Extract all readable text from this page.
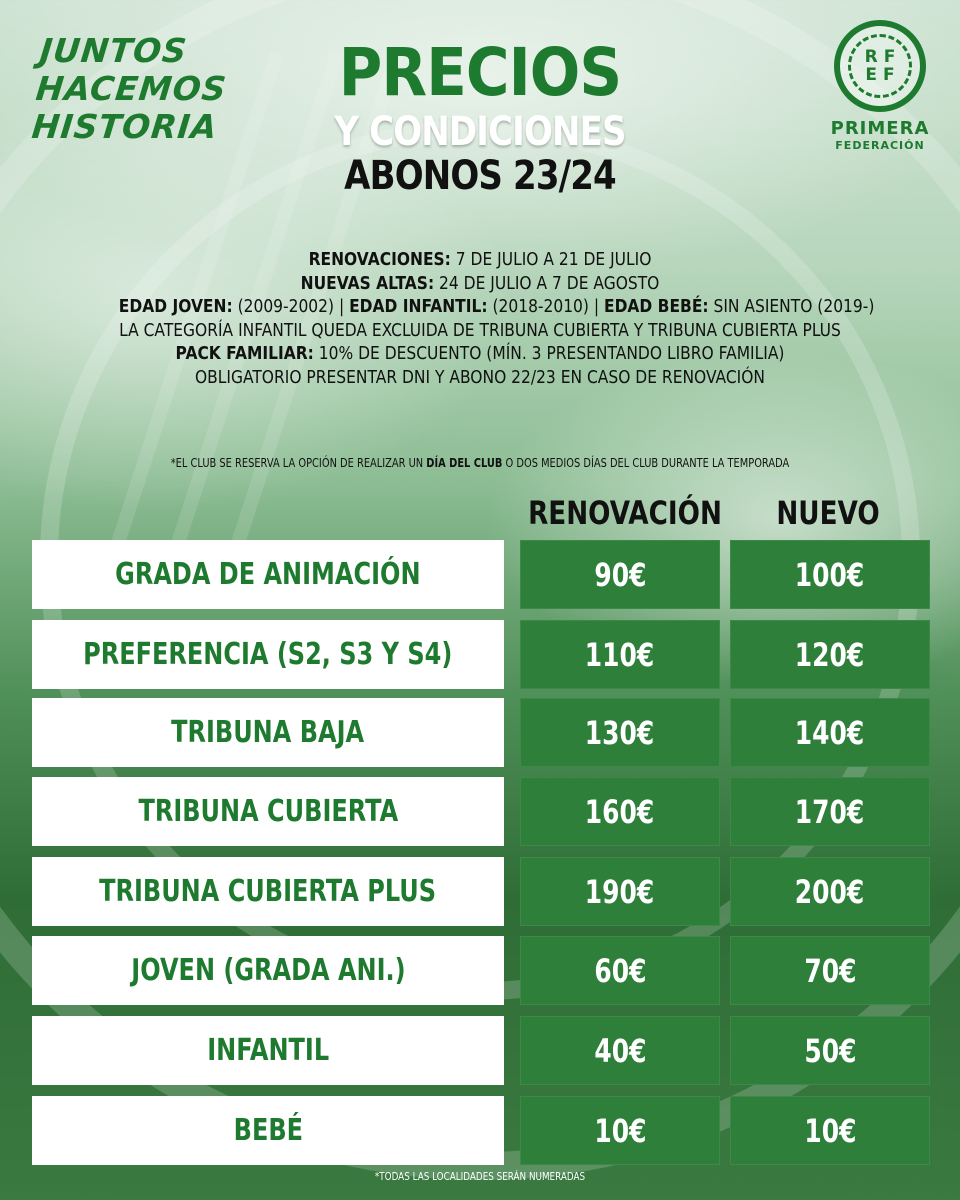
JUNTOS
HACEMOS
HISTORIA
RF
EF
PRIMERA
FEDERACIÓN
PRECIOS
Y CONDICIONES
ABONOS 23/24
RENOVACIONES: 7 DE JULIO A 21 DE JULIO
NUEVAS ALTAS: 24 DE JULIO A 7 DE AGOSTO
EDAD JOVEN: (2009-2002) | EDAD INFANTIL: (2018-2010) | EDAD BEBÉ: SIN ASIENTO (2019-)
LA CATEGORÍA INFANTIL QUEDA EXCLUIDA DE TRIBUNA CUBIERTA Y TRIBUNA CUBIERTA PLUS
PACK FAMILIAR: 10% DE DESCUENTO (MÍN. 3 PRESENTANDO LIBRO FAMILIA)
OBLIGATORIO PRESENTAR DNI Y ABONO 22/23 EN CASO DE RENOVACIÓN
*EL CLUB SE RESERVA LA OPCIÓN DE REALIZAR UN DÍA DEL CLUB O DOS MEDIOS DÍAS DEL CLUB DURANTE LA TEMPORADA
RENOVACIÓN	NUEVO
GRADA DE ANIMACIÓN	90€	100€
PREFERENCIA (S2, S3 Y S4)	110€	120€
TRIBUNA BAJA	130€	140€
TRIBUNA CUBIERTA	160€	170€
TRIBUNA CUBIERTA PLUS	190€	200€
JOVEN (GRADA ANI.)	60€	70€
INFANTIL	40€	50€
BEBÉ	10€	10€
*TODAS LAS LOCALIDADES SERÁN NUMERADAS
